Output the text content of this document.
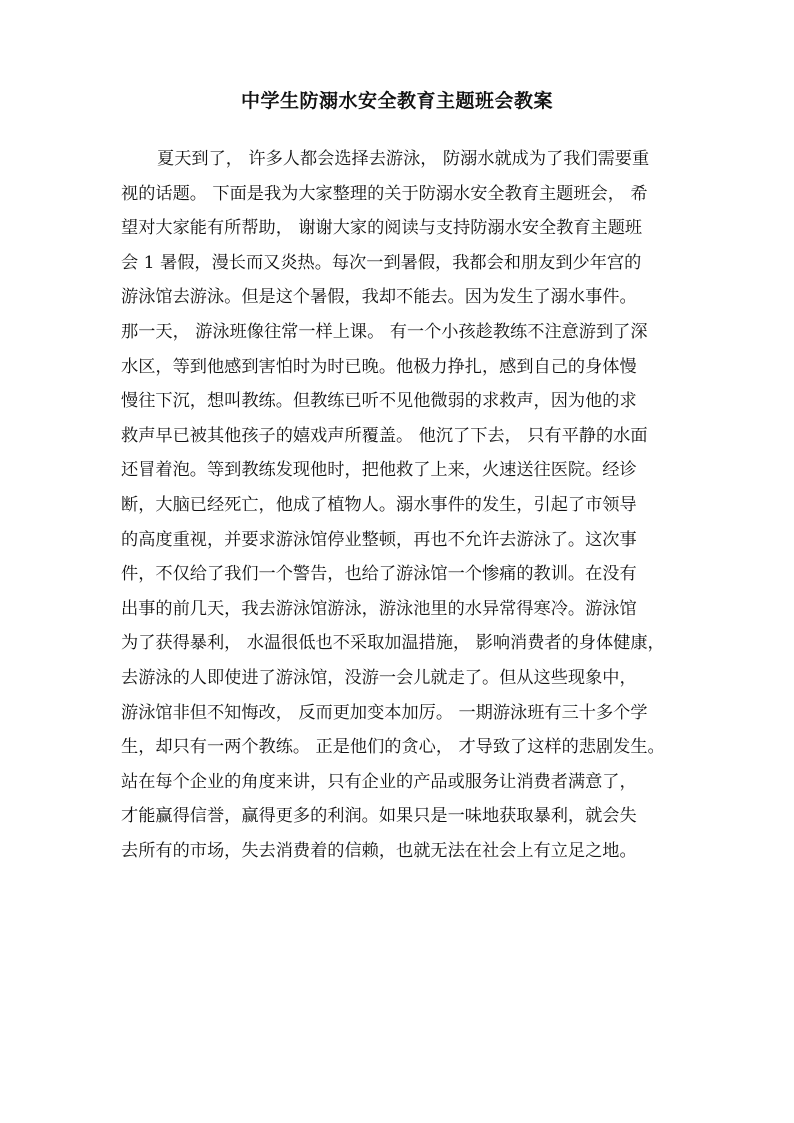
中学生防溺水安全教育主题班会教案
夏天到了， 许多人都会选择去游泳， 防溺水就成为了我们需要重
视的话题。 下面是我为大家整理的关于防溺水安全教育主题班会， 希
望对大家能有所帮助， 谢谢大家的阅读与支持防溺水安全教育主题班
会 1 暑假，漫长而又炎热。每次一到暑假，我都会和朋友到少年宫的
游泳馆去游泳。但是这个暑假，我却不能去。因为发生了溺水事件。
那一天， 游泳班像往常一样上课。 有一个小孩趁教练不注意游到了深
水区，等到他感到害怕时为时已晚。他极力挣扎，感到自己的身体慢
慢往下沉，想叫教练。但教练已听不见他微弱的求救声，因为他的求
救声早已被其他孩子的嬉戏声所覆盖。 他沉了下去， 只有平静的水面
还冒着泡。等到教练发现他时，把他救了上来，火速送往医院。经诊
断，大脑已经死亡，他成了植物人。溺水事件的发生，引起了市领导
的高度重视，并要求游泳馆停业整顿，再也不允许去游泳了。这次事
件，不仅给了我们一个警告，也给了游泳馆一个惨痛的教训。在没有
出事的前几天，我去游泳馆游泳，游泳池里的水异常得寒冷。游泳馆
为了获得暴利， 水温很低也不采取加温措施， 影响消费者的身体健康，
去游泳的人即使进了游泳馆，没游一会儿就走了。但从这些现象中，
游泳馆非但不知悔改， 反而更加变本加厉。 一期游泳班有三十多个学
生，却只有一两个教练。 正是他们的贪心， 才导致了这样的悲剧发生。
站在每个企业的角度来讲，只有企业的产品或服务让消费者满意了，
才能赢得信誉，赢得更多的利润。如果只是一味地获取暴利，就会失
去所有的市场，失去消费着的信赖，也就无法在社会上有立足之地。
